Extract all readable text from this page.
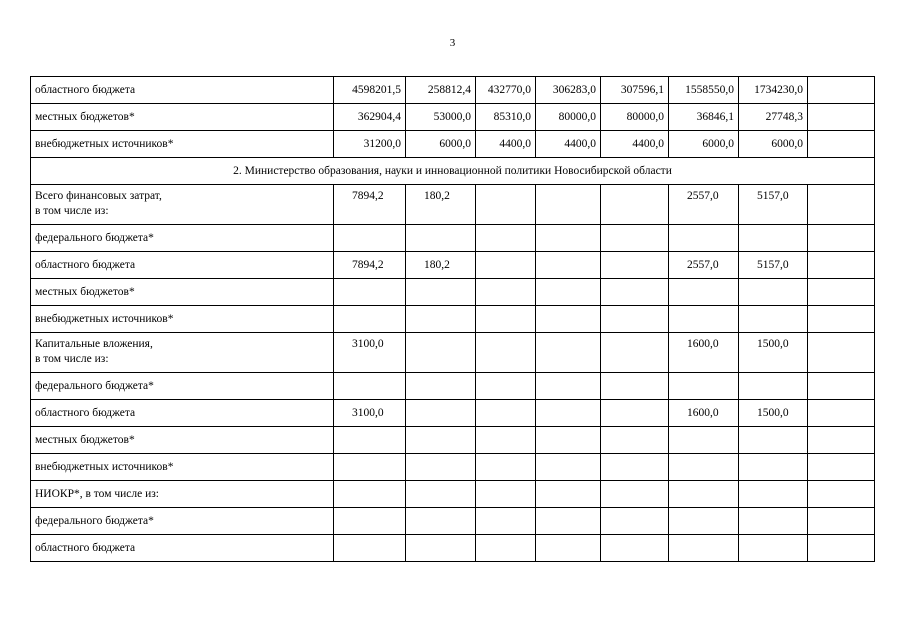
3
областного бюджета	4598201,5	258812,4	432770,0	306283,0	307596,1	1558550,0	1734230,0	

местных бюджетов*	362904,4	53000,0	85310,0	80000,0	80000,0	36846,1	27748,3	

внебюджетных источников*	31200,0	6000,0	4400,0	4400,0	4400,0	6000,0	6000,0	
2. Министерство образования, науки и инновационной политики Новосибирской области								

Всего финансовых затрат,
в том числе из:	7894,2	180,2				2557,0	5157,0	

федерального бюджета*								

областного бюджета	7894,2	180,2				2557,0	5157,0	

местных бюджетов*								

внебюджетных источников*								

Капитальные вложения,
в том числе из:	3100,0					1600,0	1500,0	

федерального бюджета*								

областного бюджета	3100,0					1600,0	1500,0	

местных бюджетов*								

внебюджетных источников*								

НИОКР*, в том числе из:								

федерального бюджета*								

областного бюджета								
